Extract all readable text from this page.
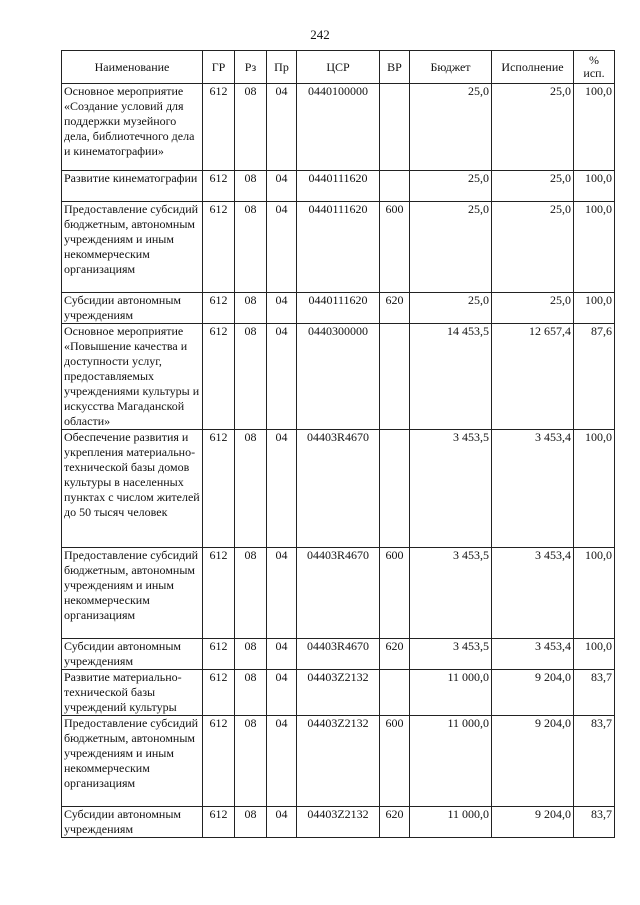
242
Наименование	ГР	Рз	Пр	ЦСР	ВР	Бюджет	Исполнение	%
исп.
Основное мероприятие «Создание условий для поддержки музейного дела, библиотечного дела и кинематографии»	612	08	04	0440100000		25,0	25,0	100,0
Развитие кинематографии	612	08	04	0440111620		25,0	25,0	100,0
Предоставление субсидий бюджетным, автономным учреждениям и иным некоммерческим организациям	612	08	04	0440111620	600	25,0	25,0	100,0
Субсидии автономным учреждениям	612	08	04	0440111620	620	25,0	25,0	100,0
Основное мероприятие «Повышение качества и доступности услуг, предоставляемых учреждениями культуры и искусства Магаданской области»	612	08	04	0440300000		14 453,5	12 657,4	87,6
Обеспечение развития и укрепления материально-технической базы домов культуры в населенных пунктах с числом жителей до 50 тысяч человек	612	08	04	04403R4670		3 453,5	3 453,4	100,0
Предоставление субсидий бюджетным, автономным учреждениям и иным некоммерческим организациям	612	08	04	04403R4670	600	3 453,5	3 453,4	100,0
Субсидии автономным учреждениям	612	08	04	04403R4670	620	3 453,5	3 453,4	100,0
Развитие материально-технической базы учреждений культуры	612	08	04	04403Z2132		11 000,0	9 204,0	83,7
Предоставление субсидий бюджетным, автономным учреждениям и иным некоммерческим организациям	612	08	04	04403Z2132	600	11 000,0	9 204,0	83,7
Субсидии автономным учреждениям	612	08	04	04403Z2132	620	11 000,0	9 204,0	83,7
